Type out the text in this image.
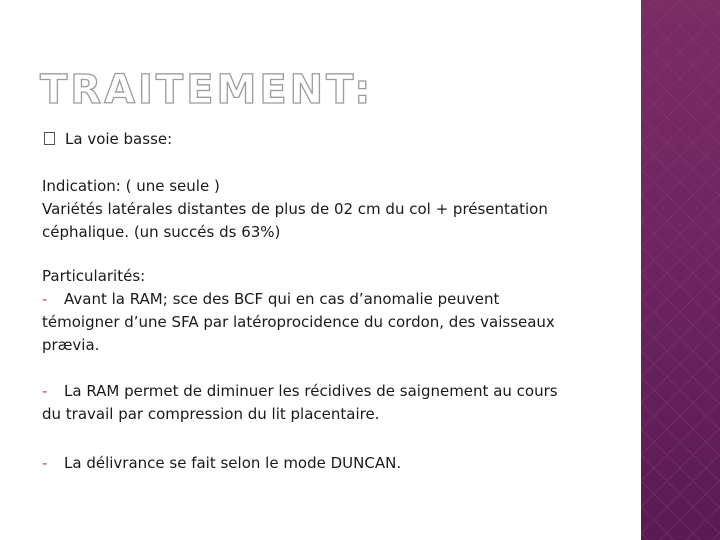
TRAITEMENT:
La voie basse:
Indication: ( une seule )
Variétés latérales distantes de plus de 02 cm du col + présentation
céphalique. (un succés ds 63%)
Particularités:
- Avant la RAM; sce des BCF qui en cas d’anomalie peuvent
témoigner d’une SFA par latéroprocidence du cordon, des vaisseaux
prævia.
- La RAM permet de diminuer les récidives de saignement au cours
du travail par compression du lit placentaire.
- La délivrance se fait selon le mode DUNCAN.
